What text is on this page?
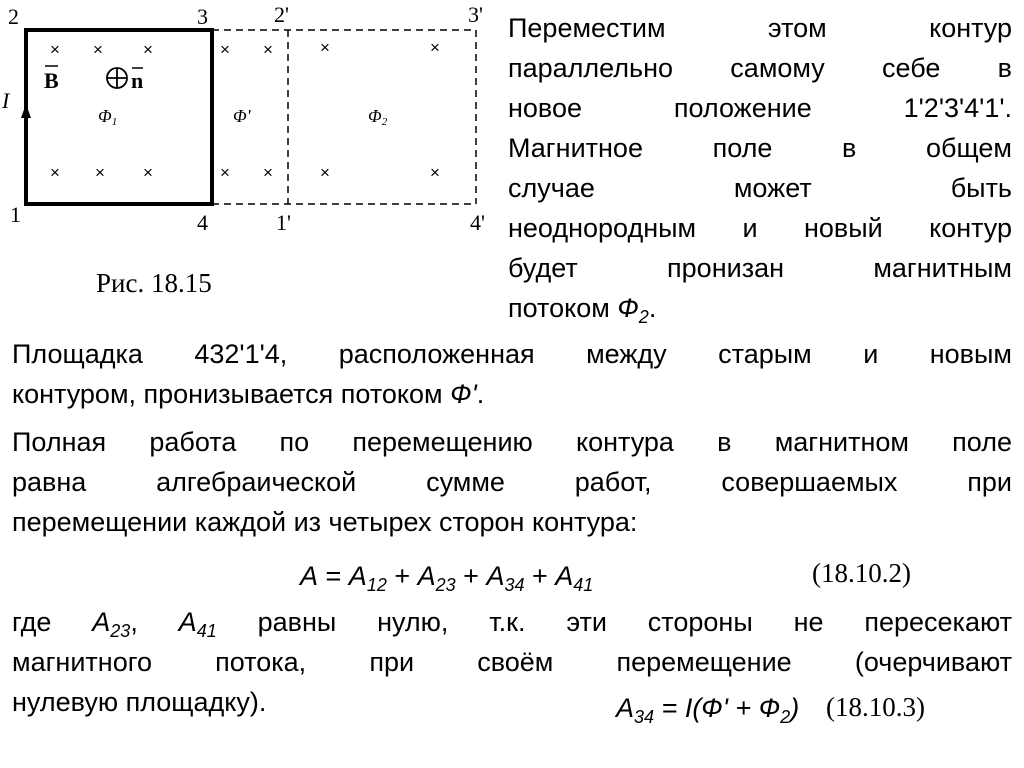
2	3	2'	3'
1	4	1'	4'
I
B	n
Φ1	Φ'	Φ2
× × ×
× × ×
× ×
× ×
×	×
×	×
Рис. 18.15
Переместим этом контур
параллельно самому себе в
новое положение 1'2'3'4'1'.
Магнитное поле в общем
случае может быть
неоднородным и новый контур
будет пронизан магнитным
потоком $Ф_2$.
Площадка 432'1'4, расположенная между старым и новым
контуром, пронизывается потоком Ф'.
Полная работа по перемещению контура в магнитном поле
равна алгебраической сумме работ, совершаемых при
перемещении каждой из четырех сторон контура:
$A = A_{12} + A_{23} + A_{34} + A_{41}$	(18.10.2)
где $A_{23}$, $A_{41}$ равны нулю, т.к. эти стороны не пересекают
магнитного потока, при своём перемещение (очерчивают
нулевую площадку).	$A_{34} = I(Ф' + Ф_2)$ (18.10.3)
